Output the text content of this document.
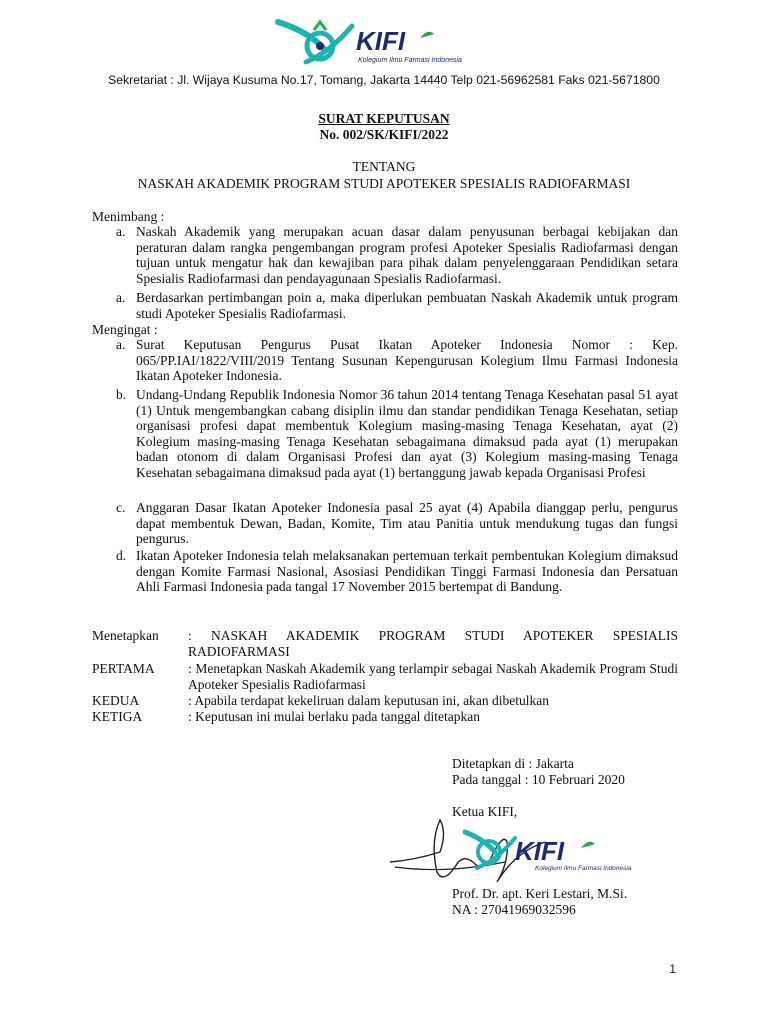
KIFI
Kolegium Ilmu Farmasi Indonesia
Sekretariat : Jl. Wijaya Kusuma No.17, Tomang, Jakarta 14440 Telp 021-56962581 Faks 021-5671800
SURAT KEPUTUSAN
No. 002/SK/KIFI/2022
TENTANG
NASKAH AKADEMIK PROGRAM STUDI APOTEKER SPESIALIS RADIOFARMASI
Menimbang :
a. Naskah Akademik yang merupakan acuan dasar dalam penyusunan berbagai kebijakan dan peraturan dalam rangka pengembangan program profesi Apoteker Spesialis Radiofarmasi dengan tujuan untuk mengatur hak dan kewajiban para pihak dalam penyelenggaraan Pendidikan setara Spesialis Radiofarmasi dan pendayagunaan Spesialis Radiofarmasi.
a. Berdasarkan pertimbangan poin a, maka diperlukan pembuatan Naskah Akademik untuk program studi Apoteker Spesialis Radiofarmasi.
Mengingat :
a. Surat Keputusan Pengurus Pusat Ikatan Apoteker Indonesia Nomor : Kep. 065/PP.IAI/1822/VIII/2019 Tentang Susunan Kepengurusan Kolegium Ilmu Farmasi Indonesia Ikatan Apoteker Indonesia.
b. Undang-Undang Republik Indonesia Nomor 36 tahun 2014 tentang Tenaga Kesehatan pasal 51 ayat (1) Untuk mengembangkan cabang disiplin ilmu dan standar pendidikan Tenaga Kesehatan, setiap organisasi profesi dapat membentuk Kolegium masing-masing Tenaga Kesehatan, ayat (2) Kolegium masing-masing Tenaga Kesehatan sebagaimana dimaksud pada ayat (1) merupakan badan otonom di dalam Organisasi Profesi dan ayat (3) Kolegium masing-masing Tenaga Kesehatan sebagaimana dimaksud pada ayat (1) bertanggung jawab kepada Organisasi Profesi
c. Anggaran Dasar Ikatan Apoteker Indonesia pasal 25 ayat (4) Apabila dianggap perlu, pengurus dapat membentuk Dewan, Badan, Komite, Tim atau Panitia untuk mendukung tugas dan fungsi pengurus.
d. Ikatan Apoteker Indonesia telah melaksanakan pertemuan terkait pembentukan Kolegium dimaksud dengan Komite Farmasi Nasional, Asosiasi Pendidikan Tinggi Farmasi Indonesia dan Persatuan Ahli Farmasi Indonesia pada tangal 17 November 2015 bertempat di Bandung.
Menetapkan : NASKAH AKADEMIK PROGRAM STUDI APOTEKER SPESIALIS RADIOFARMASI
PERTAMA : Menetapkan Naskah Akademik yang terlampir sebagai Naskah Akademik Program Studi Apoteker Spesialis Radiofarmasi
KEDUA	: Apabila terdapat kekeliruan dalam keputusan ini, akan dibetulkan
KETIGA	: Keputusan ini mulai berlaku pada tanggal ditetapkan
Ditetapkan di : Jakarta
Pada tanggal : 10 Februari 2020
Ketua KIFI,
KIFI
Kolegium Ilmu Farmasi Indonesia
Prof. Dr. apt. Keri Lestari, M.Si.
NA : 27041969032596
1
